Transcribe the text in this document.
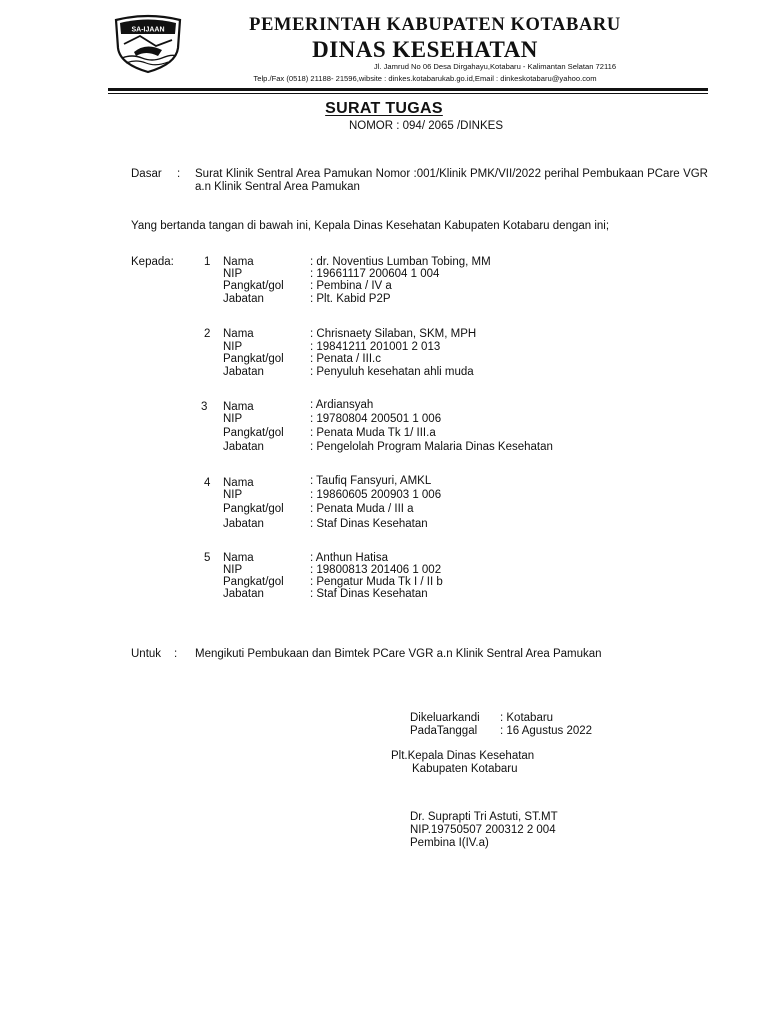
SA-IJAAN	PEMERINTAH KABUPATEN KOTABARU
DINAS KESEHATAN
Jl. Jamrud No 06 Desa Dirgahayu,Kotabaru - Kalimantan Selatan 72116
Telp./Fax (0518) 21188- 21596,wibsite : dinkes.kotabarukab.go.id,Email : dinkeskotabaru@yahoo.com
SURAT TUGAS
NOMOR : 094/ 2065 /DINKES
Dasar : Surat Klinik Sentral Area Pamukan Nomor :001/Klinik PMK/VII/2022 perihal Pembukaan PCare VGR a.n Klinik Sentral Area Pamukan
Yang bertanda tangan di bawah ini, Kepala Dinas Kesehatan Kabupaten Kotabaru dengan ini;
Kepada:	1 Nama	: dr. Noventius Lumban Tobing, MM
NIP	: 19661117 200604 1 004
Pangkat/gol : Pembina / IV a
Jabatan	: Plt. Kabid P2P
2 Nama	: Chrisnaety Silaban, SKM, MPH
NIP	: 19841211 201001 2 013
Pangkat/gol : Penata / III.c
Jabatan	: Penyuluh kesehatan ahli muda
3 Nama	: Ardiansyah
NIP	: 19780804 200501 1 006
Pangkat/gol : Penata Muda Tk 1/ III.a
Jabatan	: Pengelolah Program Malaria Dinas Kesehatan
4 Nama	: Taufiq Fansyuri, AMKL
NIP	: 19860605 200903 1 006
Pangkat/gol : Penata Muda / III a
Jabatan	: Staf Dinas Kesehatan
5 Nama	: Anthun Hatisa
NIP	: 19800813 201406 1 002
Pangkat/gol : Pengatur Muda Tk I / II b
Jabatan	: Staf Dinas Kesehatan
Untuk : Mengikuti Pembukaan dan Bimtek PCare VGR a.n Klinik Sentral Area Pamukan
Dikeluarkandi : Kotabaru
PadaTanggal : 16 Agustus 2022
Plt.Kepala Dinas Kesehatan
Kabupaten Kotabaru
Dr. Suprapti Tri Astuti, ST.MT
NIP.19750507 200312 2 004
Pembina I(IV.a)
